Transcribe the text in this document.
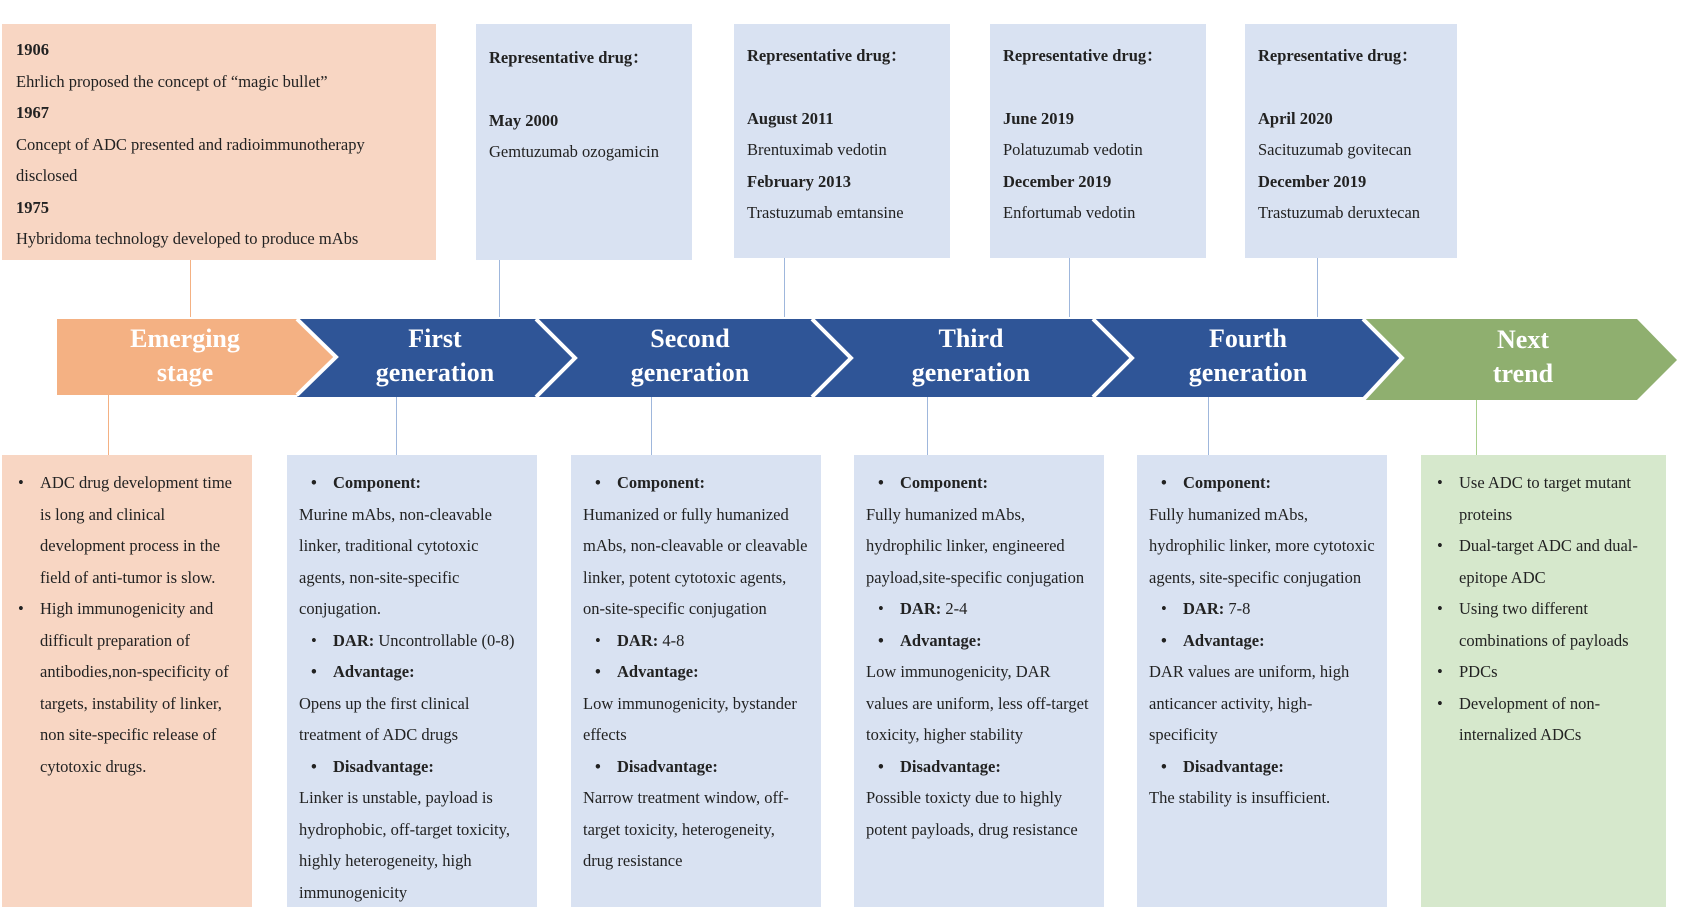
1906
Ehrlich proposed the concept of “magic bullet”
1967
Concept of ADC presented and radioimmunotherapy disclosed
1975
Hybridoma technology developed to produce mAbs
Representative drug：
May 2000
Gemtuzumab ozogamicin
Representative drug：
August 2011
Brentuximab vedotin
February 2013
Trastuzumab emtansine
Representative drug：
June 2019
Polatuzumab vedotin
December 2019
Enfortumab vedotin
Representative drug：
April 2020
Sacituzumab govitecan
December 2019
Trastuzumab deruxtecan
Emerging
stage
First
generation
Second
generation
Third
generation
Fourth
generation
Next
trend
• ADC drug development time is long and clinical development process in the field of anti-tumor is slow.
• High immunogenicity and difficult preparation of antibodies,non-specificity of targets, instability of linker, non site-specific release of cytotoxic drugs.
• Component:
Murine mAbs, non-cleavable linker, traditional cytotoxic agents, non-site-specific conjugation.
• DAR: Uncontrollable (0-8)
• Advantage:
Opens up the first clinical treatment of ADC drugs
• Disadvantage:
Linker is unstable, payload is hydrophobic, off-target toxicity, highly heterogeneity, high immunogenicity
• Component:
Humanized or fully humanized mAbs, non-cleavable or cleavable linker, potent cytotoxic agents, on-site-specific conjugation
• DAR: 4-8
• Advantage:
Low immunogenicity, bystander effects
• Disadvantage:
Narrow treatment window, off-target toxicity, heterogeneity, drug resistance
• Component:
Fully humanized mAbs, hydrophilic linker, engineered payload,site-specific conjugation
• DAR: 2-4
• Advantage:
Low immunogenicity, DAR values are uniform, less off-target toxicity, higher stability
• Disadvantage:
Possible toxicty due to highly potent payloads, drug resistance
• Component:
Fully humanized mAbs, hydrophilic linker, more cytotoxic agents, site-specific conjugation
• DAR: 7-8
• Advantage:
DAR values are uniform, high anticancer activity, high-specificity
• Disadvantage:
The stability is insufficient.
• Use ADC to target mutant proteins
• Dual-target ADC and dual-epitope ADC
• Using two different combinations of payloads
• PDCs
• Development of non-internalized ADCs
